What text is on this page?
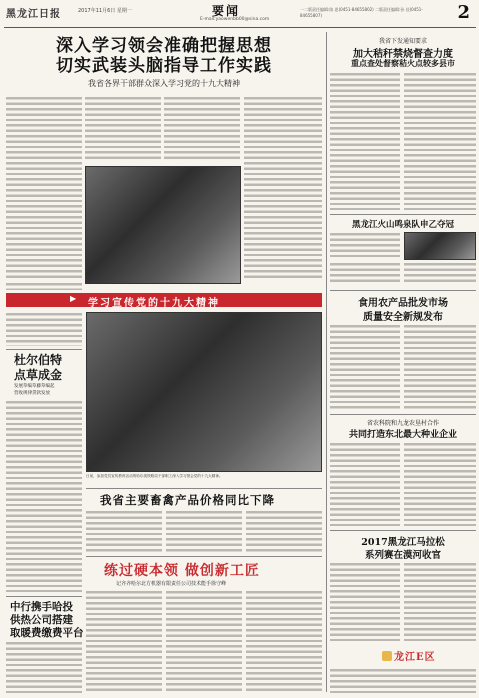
黑龙江日报	2017年11月6日 星期一	要闻
E-mail:yaowenbb00@sina.com
一二版责任编辑:陈 思(0451-84655802) 二版责任编辑:孙 佳(0451-84655807)	2
深入学习领会准确把握思想
切实武装头脑指导工作实践
我省各界干部群众深入学习党的十九大精神
▶ 学习宣传党的十九大精神
杜尔伯特
点草成金
发展草编草藤草编起
营收规律贷款发放
中行携手哈投
供热公司搭建
取暖费缴费平台
日前，参加党员宣传教育活动的哈尔滨铁路局干部职工深入学习领会党的十九大精神。
我省主要畜禽产品价格同比下降
练过硬本领 做创新工匠
记齐齐哈尔北方机器有限责任公司技术能手徐守峰
我省下发通知要求
加大秸秆禁烧督查力度
重点查处督察秸火点较多县市
黑龙江火山鸣泉队申乙夺冠
食用农产品批发市场
质量安全新规发布
省农科院和九龙农垦村合作
共同打造东北最大种业企业
2017黑龙江马拉松
系列赛在漠河收官
龙江E区
